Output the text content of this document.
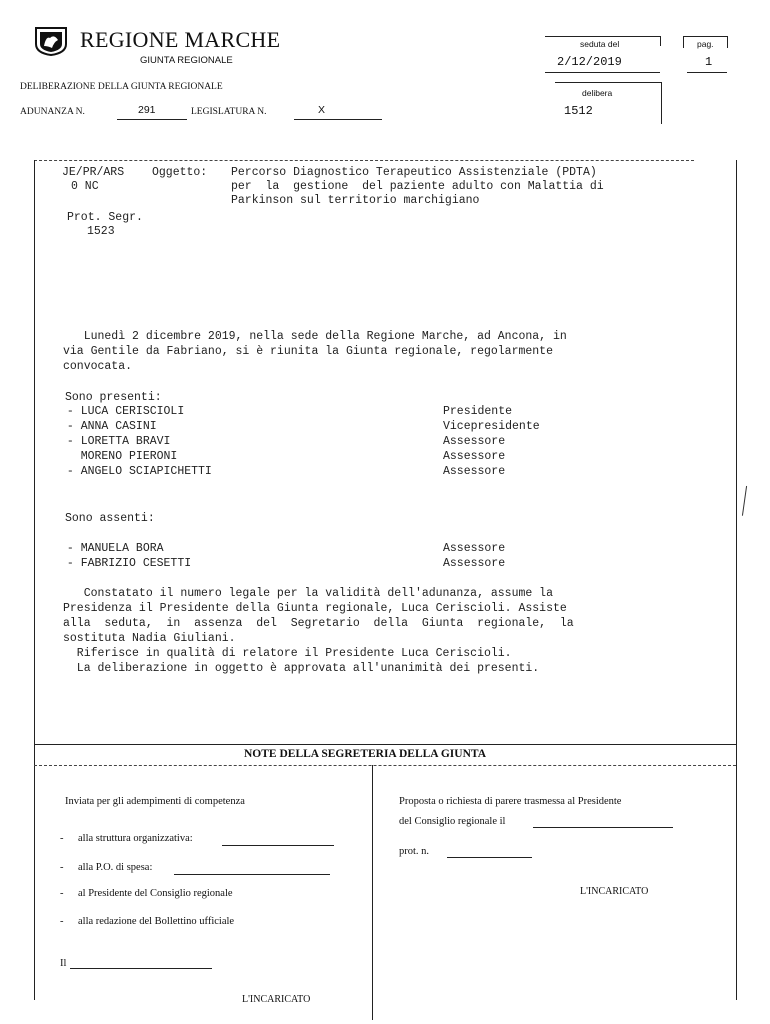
REGIONE MARCHE
GIUNTA REGIONALE
DELIBERAZIONE DELLA GIUNTA REGIONALE
ADUNANZA N.	291	LEGISLATURA N.	X
seduta del
2/12/2019
pag.
1
delibera
1512
JE/PR/ARS
0 NC
Oggetto: Percorso Diagnostico Terapeutico Assistenziale (PDTA)
per  la  gestione  del paziente adulto con Malattia di
Parkinson sul territorio marchigiano
Prot. Segr.
1523
Lunedì 2 dicembre 2019, nella sede della Regione Marche, ad Ancona, in
via Gentile da Fabriano, si è riunita la Giunta regionale, regolarmente
convocata.
Sono presenti:
- LUCA CERISCIOLI	Presidente
- ANNA CASINI	Vicepresidente
- LORETTA BRAVI	Assessore
MORENO PIERONI	Assessore
- ANGELO SCIAPICHETTI	Assessore
Sono assenti:
- MANUELA BORA	Assessore
- FABRIZIO CESETTI	Assessore
Constatato il numero legale per la validità dell'adunanza, assume la
Presidenza il Presidente della Giunta regionale, Luca Ceriscioli. Assiste
alla  seduta,  in  assenza  del  Segretario  della  Giunta  regionale,  la
sostituta Nadia Giuliani.
Riferisce in qualità di relatore il Presidente Luca Ceriscioli.
La deliberazione in oggetto è approvata all'unanimità dei presenti.
NOTE DELLA SEGRETERIA DELLA GIUNTA
Inviata per gli adempimenti di competenza
- alla struttura organizzativa:
- alla P.O. di spesa:
- al Presidente del Consiglio regionale
- alla redazione del Bollettino ufficiale
Il
L'INCARICATO
Proposta o richiesta di parere trasmessa al Presidente
del Consiglio regionale il
prot. n.
L'INCARICATO
